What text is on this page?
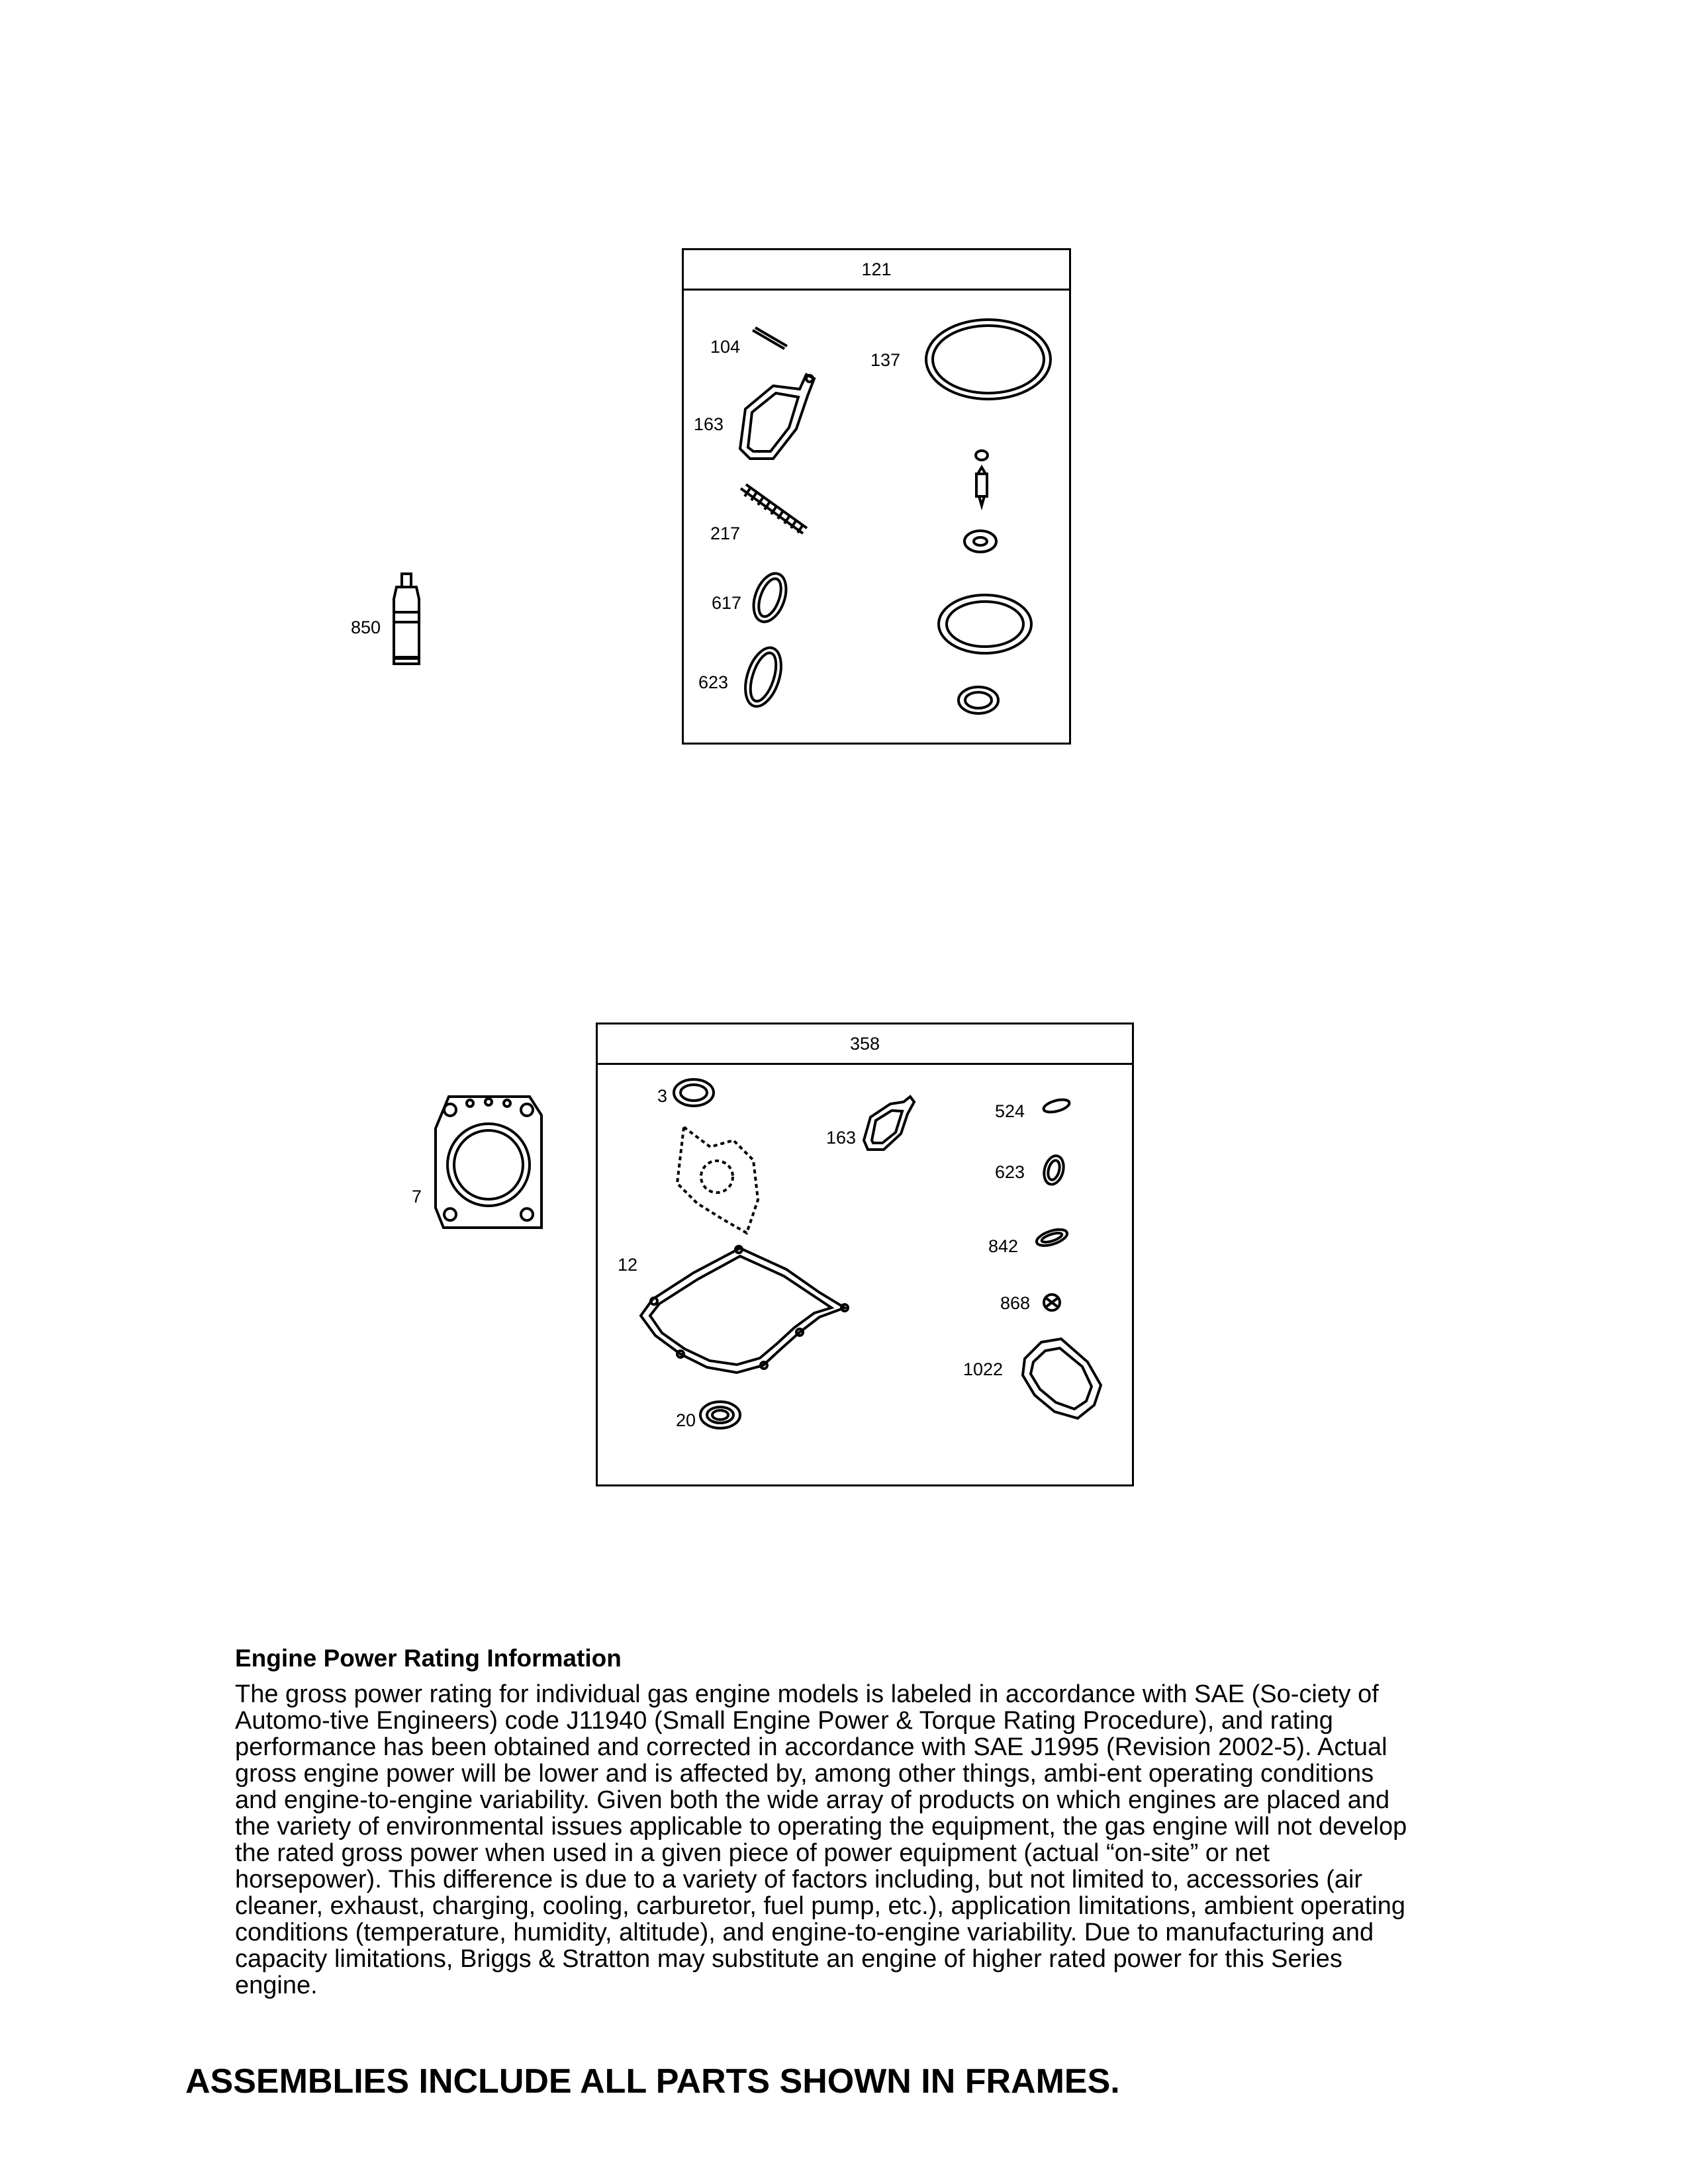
850
121
104
137
163
217
617
623
7
358
3
163
524
623
842
12
868
1022
20
Engine Power Rating Information
The gross power rating for individual gas engine models is labeled in accordance with SAE (So-ciety of Automo-tive Engineers) code J11940 (Small Engine Power & Torque Rating Procedure), and rating performance has been obtained and corrected in accordance with SAE J1995 (Revision 2002-5). Actual gross engine power will be lower and is affected by, among other things, ambi-ent operating conditions and engine-to-engine variability. Given both the wide array of products on which engines are placed and the variety of environmental issues applicable to operating the equipment, the gas engine will not develop the rated gross power when used in a given piece of power equipment (actual “on-site” or net horsepower). This difference is due to a variety of factors including, but not limited to, accessories (air cleaner, exhaust, charging, cooling, carburetor, fuel pump, etc.), application limitations, ambient operating conditions (temperature, humidity, altitude), and engine-to-engine variability. Due to manufacturing and capacity limitations, Briggs & Stratton may substitute an engine of higher rated power for this Series engine.
ASSEMBLIES INCLUDE ALL PARTS SHOWN IN FRAMES.
